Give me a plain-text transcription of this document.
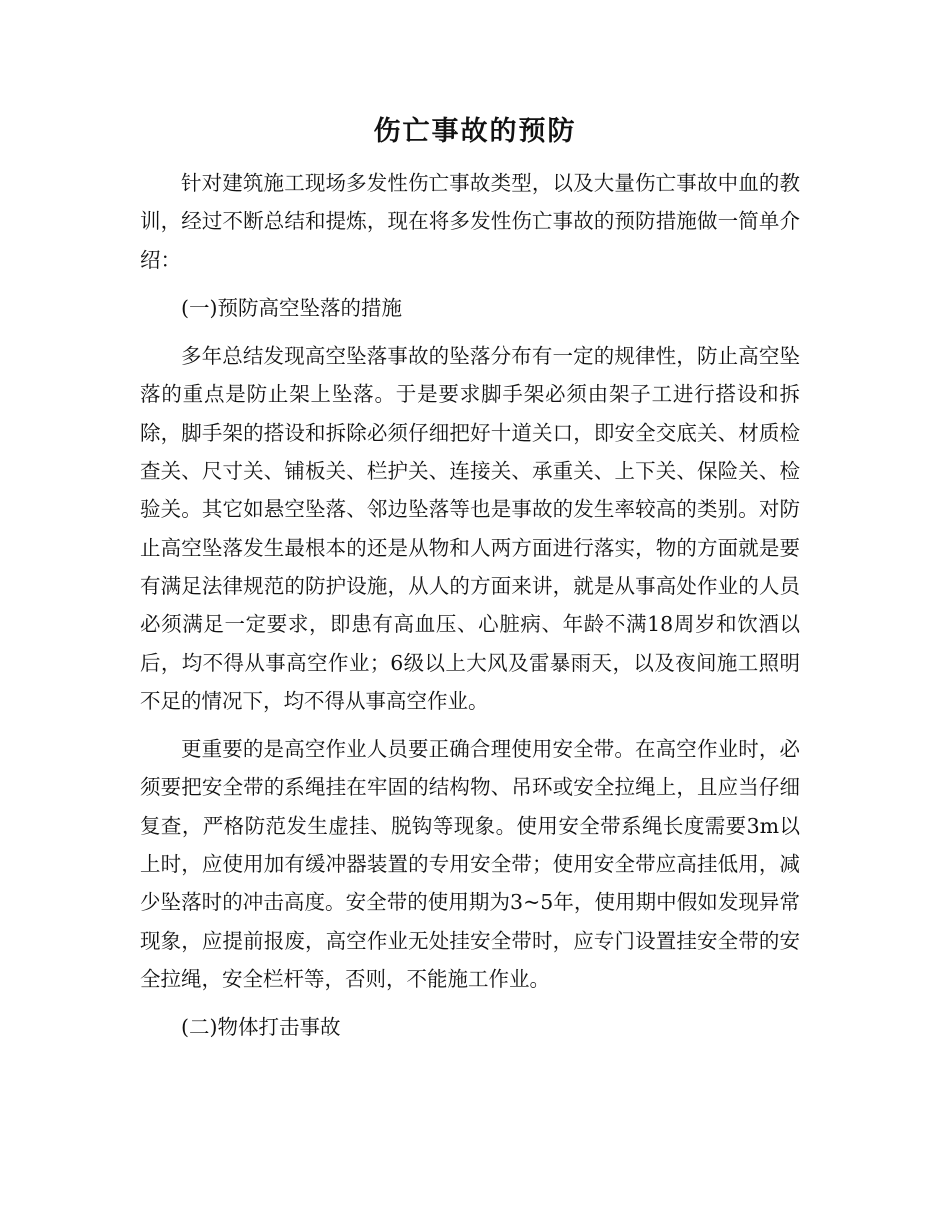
伤亡事故的预防

针对建筑施工现场多发性伤亡事故类型，以及大量伤亡事故中血的教训，经过不断总结和提炼，现在将多发性伤亡事故的预防措施做一简单介绍：

(一)预防高空坠落的措施

多年总结发现高空坠落事故的坠落分布有一定的规律性，防止高空坠落的重点是防止架上坠落。于是要求脚手架必须由架子工进行搭设和拆除，脚手架的搭设和拆除必须仔细把好十道关口，即安全交底关、材质检查关、尺寸关、铺板关、栏护关、连接关、承重关、上下关、保险关、检验关。其它如悬空坠落、邻边坠落等也是事故的发生率较高的类别。对防止高空坠落发生最根本的还是从物和人两方面进行落实，物的方面就是要有满足法律规范的防护设施，从人的方面来讲，就是从事高处作业的人员必须满足一定要求，即患有高血压、心脏病、年龄不满18周岁和饮酒以后，均不得从事高空作业；6级以上大风及雷暴雨天，以及夜间施工照明不足的情况下，均不得从事高空作业。

更重要的是高空作业人员要正确合理使用安全带。在高空作业时，必须要把安全带的系绳挂在牢固的结构物、吊环或安全拉绳上，且应当仔细复查，严格防范发生虚挂、脱钩等现象。使用安全带系绳长度需要3m以上时，应使用加有缓冲器装置的专用安全带；使用安全带应高挂低用，减少坠落时的冲击高度。安全带的使用期为3~5年，使用期中假如发现异常现象，应提前报废，高空作业无处挂安全带时，应专门设置挂安全带的安全拉绳，安全栏杆等，否则，不能施工作业。

(二)物体打击事故
